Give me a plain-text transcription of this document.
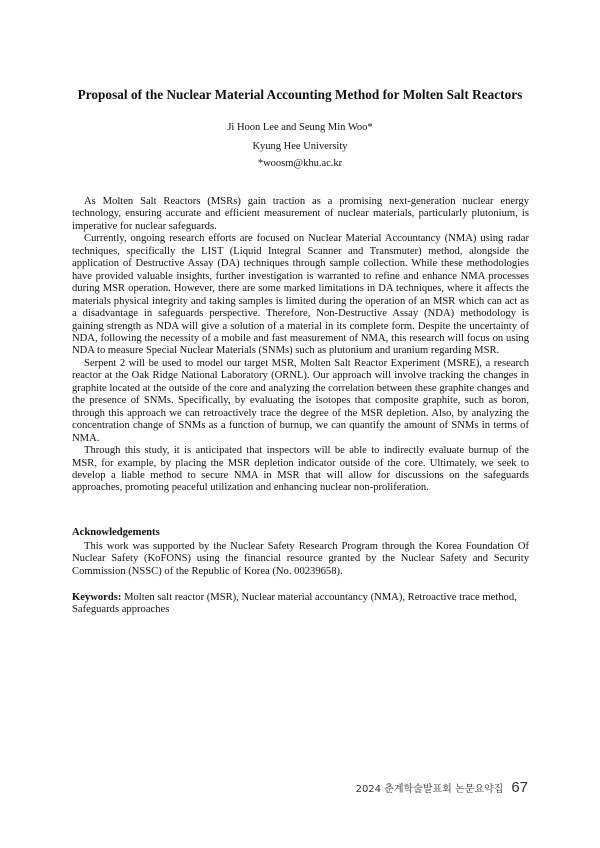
Proposal of the Nuclear Material Accounting Method for Molten Salt Reactors
Ji Hoon Lee and Seung Min Woo*
Kyung Hee University
*woosm@khu.ac.kr

As Molten Salt Reactors (MSRs) gain traction as a promising next-generation nuclear energy technology, ensuring accurate and efficient measurement of nuclear materials, particularly plutonium, is imperative for nuclear safeguards.

Currently, ongoing research efforts are focused on Nuclear Material Accountancy (NMA) using radar techniques, specifically the LIST (Liquid Integral Scanner and Transmuter) method, alongside the application of Destructive Assay (DA) techniques through sample collection. While these methodologies have provided valuable insights, further investigation is warranted to refine and enhance NMA processes during MSR operation. However, there are some marked limitations in DA techniques, where it affects the materials physical integrity and taking samples is limited during the operation of an MSR which can act as a disadvantage in safeguards perspective. Therefore, Non-Destructive Assay (NDA) methodology is gaining strength as NDA will give a solution of a material in its complete form. Despite the uncertainty of NDA, following the necessity of a mobile and fast measurement of NMA, this research will focus on using NDA to measure Special Nuclear Materials (SNMs) such as plutonium and uranium regarding MSR.

Serpent 2 will be used to model our target MSR, Molten Salt Reactor Experiment (MSRE), a research reactor at the Oak Ridge National Laboratory (ORNL). Our approach will involve tracking the changes in graphite located at the outside of the core and analyzing the correlation between these graphite changes and the presence of SNMs. Specifically, by evaluating the isotopes that composite graphite, such as boron, through this approach we can retroactively trace the degree of the MSR depletion. Also, by analyzing the concentration change of SNMs as a function of burnup, we can quantify the amount of SNMs in terms of NMA.

Through this study, it is anticipated that inspectors will be able to indirectly evaluate burnup of the MSR, for example, by placing the MSR depletion indicator outside of the core. Ultimately, we seek to develop a liable method to secure NMA in MSR that will allow for discussions on the safeguards approaches, promoting peaceful utilization and enhancing nuclear non-proliferation.

Acknowledgements

This work was supported by the Nuclear Safety Research Program through the Korea Foundation Of Nuclear Safety (KoFONS) using the financial resource granted by the Nuclear Safety and Security Commission (NSSC) of the Republic of Korea (No. 00239658).

Keywords: Molten salt reactor (MSR), Nuclear material accountancy (NMA), Retroactive trace method, Safeguards approaches
2024 춘계학술발표회 논문요약집 67
